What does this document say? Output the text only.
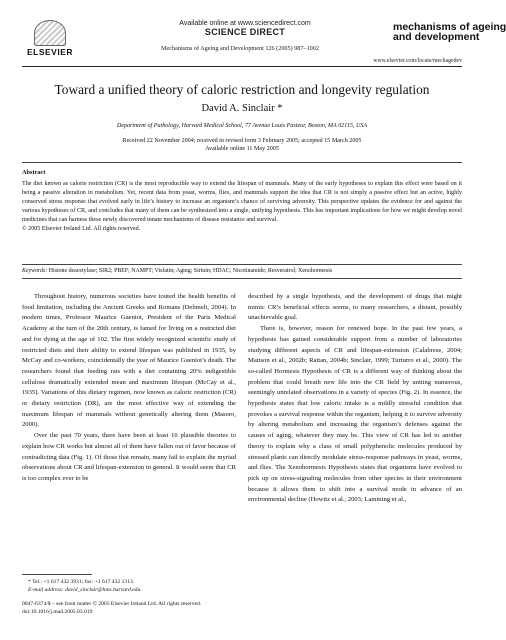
ELSEVIER
Available online at www.sciencedirect.com
SCIENCE DIRECT
Mechanisms of Ageing and Development 126 (2005) 987–1002
mechanisms of ageing
and development
www.elsevier.com/locate/mechagedev
Toward a unified theory of caloric restriction and longevity regulation
David A. Sinclair *
Department of Pathology, Harvard Medical School, 77 Avenue Louis Pasteur, Boston, MA 02115, USA
Received 22 November 2004; received in revised form 3 February 2005; accepted 15 March 2005
Available online 11 May 2005
Abstract
The diet known as calorie restriction (CR) is the most reproducible way to extend the lifespan of mammals. Many of the early hypotheses to explain this effect were based on it being a passive alteration in metabolism. Yet, recent data from yeast, worms, flies, and mammals support the idea that CR is not simply a passive effect but an active, highly conserved stress response that evolved early in life’s history to increase an organism’s chance of surviving adversity. This perspective updates the evidence for and against the various hypotheses of CR, and concludes that many of them can be synthesized into a single, unifying hypothesis. This has important implications for how we might develop novel medicines that can harness these newly discovered innate mechanisms of disease resistance and survival.
© 2005 Elsevier Ireland Ltd. All rights reserved.
Keywords: Histone deacetylase; SIR2; PBEF; NAMPT; Visfatin; Aging; Sirtuin; HDAC; Nicotinamide; Resveratrol; Xenohormesis

Throughout history, numerous societies have touted the health benefits of food limitation, including the Ancient Greeks and Romans (Dehmelt, 2004). In modern times, Professor Maurice Gueniot, President of the Paris Medical Academy at the turn of the 20th century, is famed for living on a restricted diet and for dying at the age of 102. The first widely recognized scientific study of restricted diets and their ability to extend lifespan was published in 1935, by McCay and co-workers, coincidentally the year of Maurice Gueniot’s death. The researchers found that feeding rats with a diet containing 20% indigestible cellulose dramatically extended mean and maximum lifespan (McCay et al., 1935). Variations of this dietary regimen, now known as caloric restriction (CR) or dietary restriction (DR), are the most effective way of extending the maximum lifespan of mammals without genetically altering them (Masoro, 2000).

Over the past 70 years, there have been at least 10 plausible theories to explain how CR works but almost all of them have fallen out of favor because of contradicting data (Fig. 1). Of those that remain, many fail to explain the myriad observations about CR and lifespan-extension in general. It would seem that CR is too complex ever to be

described by a single hypothesis, and the development of drugs that might mimic CR’s beneficial effects seems, to many researchers, a distant, possibly unachievable goal.

There is, however, reason for renewed hope. In the past few years, a hypothesis has gained considerable support from a number of laboratories studying different aspects of CR and lifespan-extension (Calabrese, 2004; Mattson et al., 2002b; Rattan, 2004b; Sinclair, 1999; Turturro et al., 2000). The so-called Hormesis Hypothesis of CR is a different way of thinking about the problem that could breath new life into the CR field by uniting numerous, seemingly unrelated observations in a variety of species (Fig. 2). In essence, the hypothesis states that low caloric intake is a mildly stressful condition that provokes a survival response within the organism, helping it to survive adversity by altering metabolism and increasing the organism’s defenses against the causes of aging, whatever they may be. This view of CR has led to another theory to explain why a class of small polyphenolic molecules produced by stressed plants can directly modulate stress-response pathways in yeast, worms, and flies. The Xenohormesis Hypothesis states that organisms have evolved to pick up on stress-signaling molecules from other species in their environment because it allows them to shift into a survival mode in advance of an environmental decline (Howitz et al., 2003; Lamming et al.,

* Tel.: +1 617 432 3931; fax: +1 617 432 1313.
E-mail address: david_sinclair@hms.harvard.edu.
0047-6374/$ – see front matter © 2005 Elsevier Ireland Ltd. All rights reserved.
doi:10.1016/j.mad.2005.03.019
